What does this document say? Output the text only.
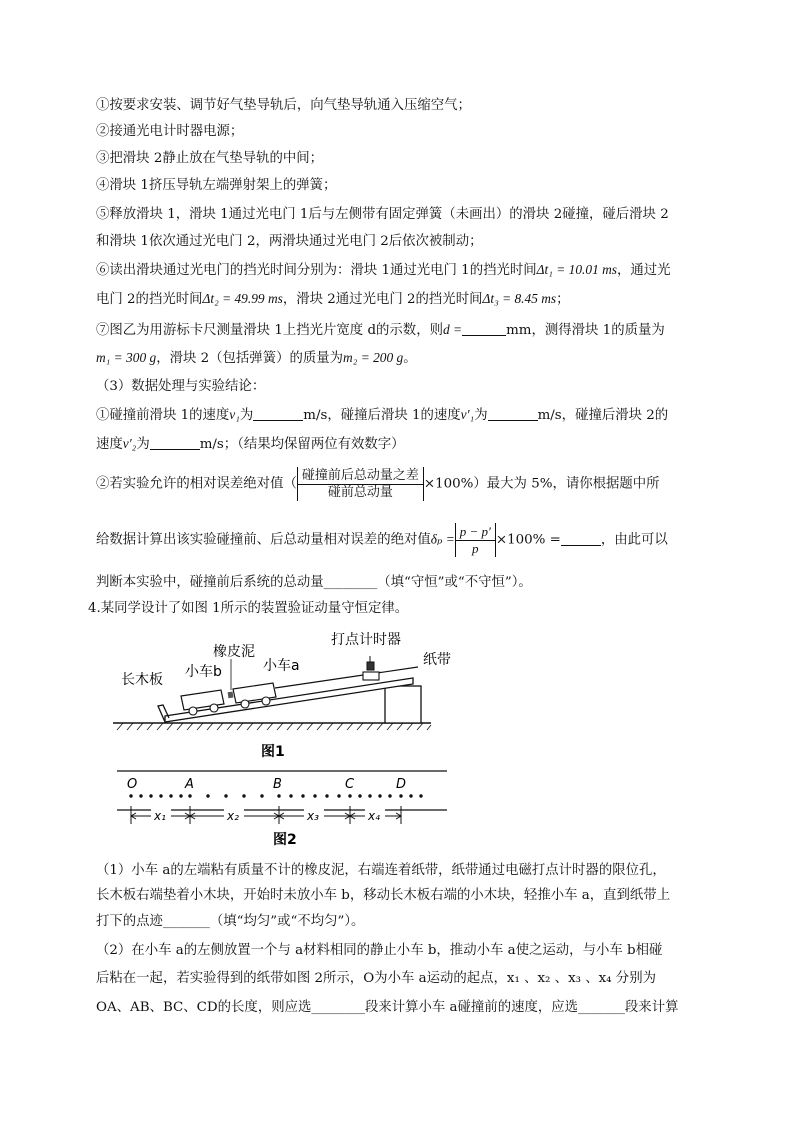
①按要求安装、调节好气垫导轨后，向气垫导轨通入压缩空气；
②接通光电计时器电源；
③把滑块 2静止放在气垫导轨的中间；
④滑块 1挤压导轨左端弹射架上的弹簧；
⑤释放滑块 1，滑块 1通过光电门 1后与左侧带有固定弹簧（未画出）的滑块 2碰撞，碰后滑块 2
和滑块 1依次通过光电门 2，两滑块通过光电门 2后依次被制动；
⑥读出滑块通过光电门的挡光时间分别为：滑块 1通过光电门 1的挡光时间Δt₁ = 10.01 ms，通过光
电门 2的挡光时间Δt₂ = 49.99 ms，滑块 2通过光电门 2的挡光时间Δt₃ = 8.45 ms；
⑦图乙为用游标卡尺测量滑块 1上挡光片宽度 d的示数，则d =	mm，测得滑块 1的质量为
m₁ = 300 g，滑块 2（包括弹簧）的质量为m₂ = 200 g。
（3）数据处理与实验结论：
①碰撞前滑块 1的速度v₁为	m/s，碰撞后滑块 1的速度v′₁为	m/s，碰撞后滑块 2的
速度v′₂为	m/s；（结果均保留两位有效数字）
②若实验允许的相对误差绝对值（ $\frac{\text{碰撞前后总动量之差}}{\text{碰前总动量}} \times 100\%$）最大为 5%，请你根据题中所
给数据计算出该实验碰撞前、后总动量相对误差的绝对值$\delta_p = \frac{p - p'}{p} \times 100\%$ =	，由此可以
判断本实验中，碰撞前后系统的总动量________（填“守恒”或“不守恒”）。
4.某同学设计了如图 1所示的装置验证动量守恒定律。
长木板 小车b
橡皮泥
小车a
打点计时器
纸带
图1
O	A	B	C	D
x₁	x₂	x₃	x₄
图2
（1）小车 a的左端粘有质量不计的橡皮泥，右端连着纸带，纸带通过电磁打点计时器的限位孔，
长木板右端垫着小木块，开始时未放小车 b，移动长木板右端的小木块，轻推小车 a，直到纸带上
打下的点迹_______（填“均匀”或“不均匀”）。
（2）在小车 a的左侧放置一个与 a材料相同的静止小车 b，推动小车 a使之运动，与小车 b相碰
后粘在一起，若实验得到的纸带如图 2所示，O为小车 a运动的起点，x₁ 、x₂ 、x₃ 、x₄ 分别为
OA、AB、BC、CD的长度，则应选________段来计算小车 a碰撞前的速度，应选_______段来计算
